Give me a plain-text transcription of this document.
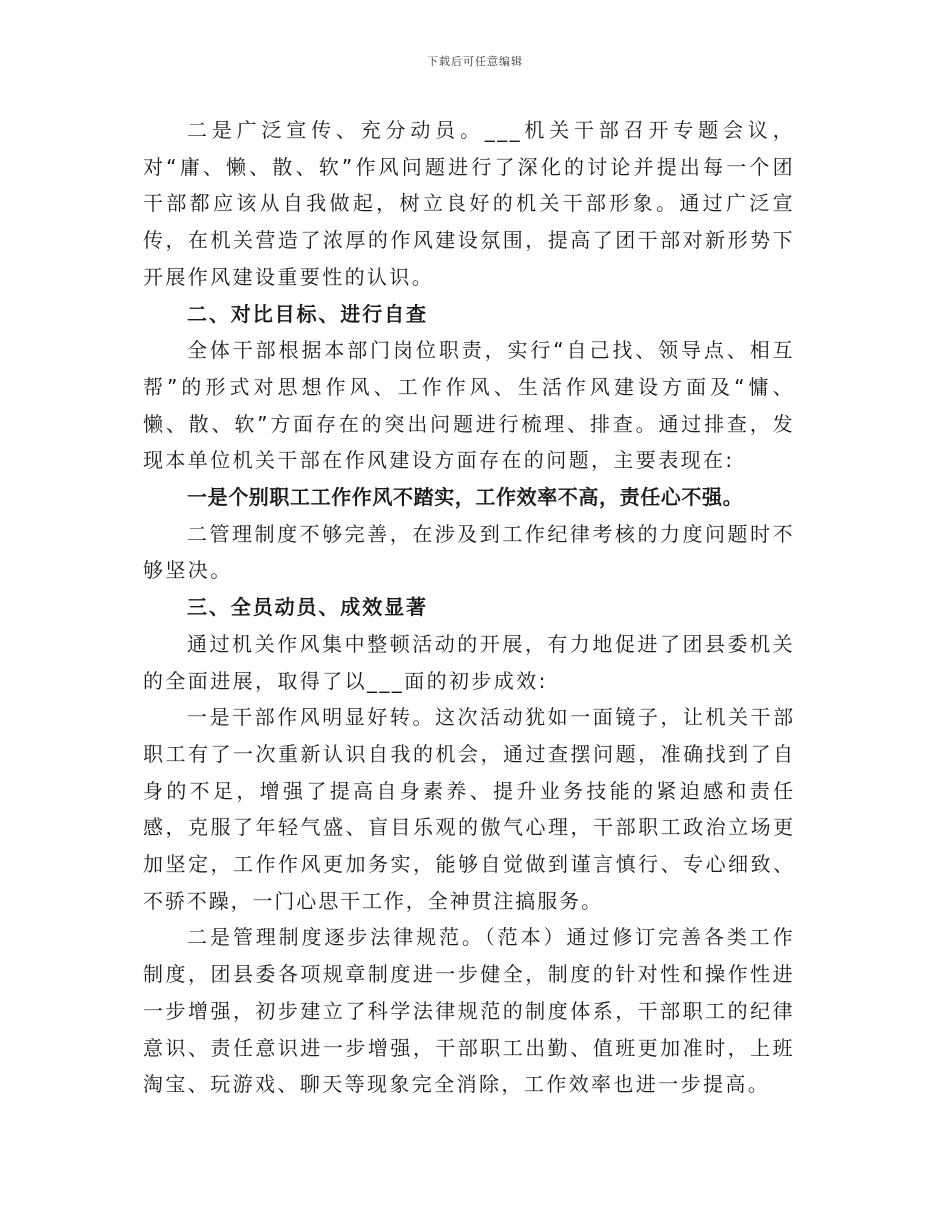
下载后可任意编辑

二是广泛宣传、充分动员。___机关干部召开专题会议，对“庸、懒、散、软”作风问题进行了深化的讨论并提出每一个团干部都应该从自我做起，树立良好的机关干部形象。通过广泛宣传，在机关营造了浓厚的作风建设氛围，提高了团干部对新形势下开展作风建设重要性的认识。

二、对比目标、进行自查

全体干部根据本部门岗位职责，实行“自己找、领导点、相互帮”的形式对思想作风、工作作风、生活作风建设方面及“慵、懒、散、软”方面存在的突出问题进行梳理、排查。通过排查，发现本单位机关干部在作风建设方面存在的问题，主要表现在:

一是个别职工工作作风不踏实，工作效率不高，责任心不强。

二管理制度不够完善，在涉及到工作纪律考核的力度问题时不够坚决。

三、全员动员、成效显著

通过机关作风集中整顿活动的开展，有力地促进了团县委机关的全面进展，取得了以___面的初步成效:

一是干部作风明显好转。这次活动犹如一面镜子，让机关干部职工有了一次重新认识自我的机会，通过查摆问题，准确找到了自身的不足，增强了提高自身素养、提升业务技能的紧迫感和责任感，克服了年轻气盛、盲目乐观的傲气心理，干部职工政治立场更加坚定，工作作风更加务实，能够自觉做到谨言慎行、专心细致、不骄不躁，一门心思干工作，全神贯注搞服务。

二是管理制度逐步法律规范。（范本）通过修订完善各类工作制度，团县委各项规章制度进一步健全，制度的针对性和操作性进一步增强，初步建立了科学法律规范的制度体系，干部职工的纪律意识、责任意识进一步增强，干部职工出勤、值班更加准时，上班淘宝、玩游戏、聊天等现象完全消除，工作效率也进一步提高。
